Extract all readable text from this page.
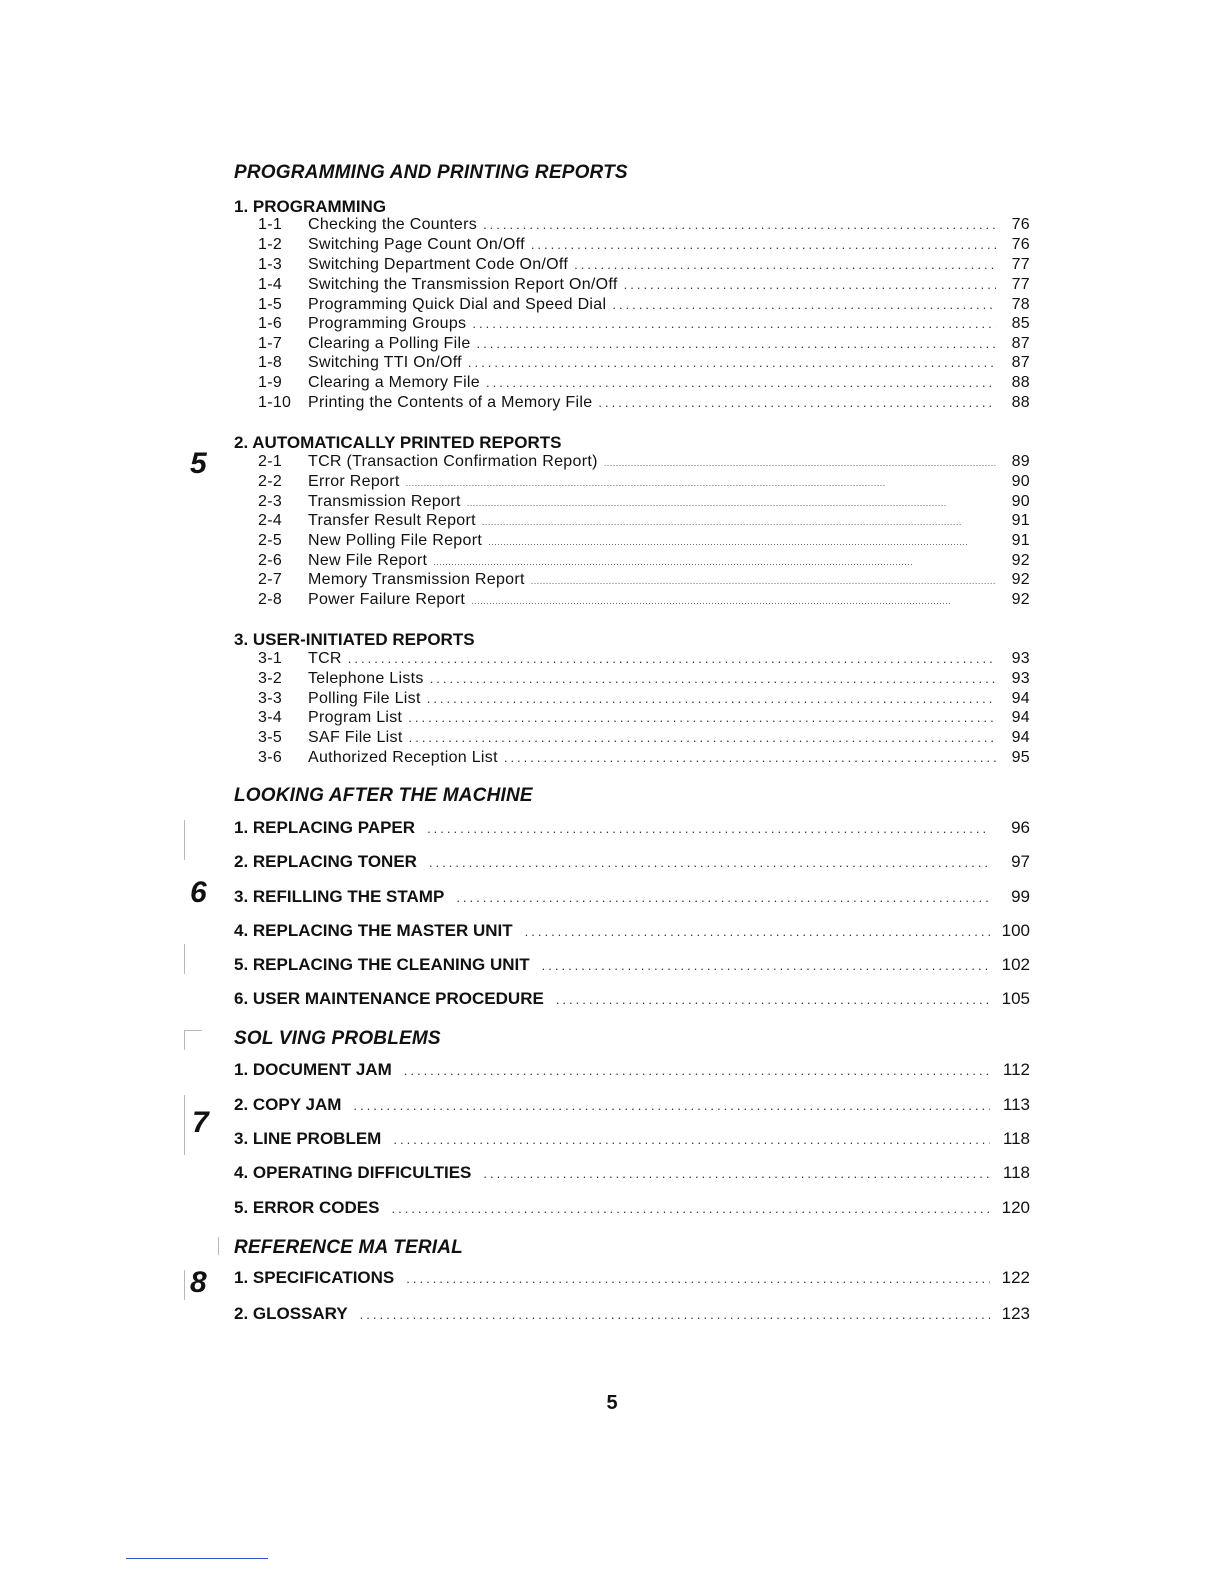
PROGRAMMING AND PRINTING REPORTS
5
1. PROGRAMMING
1-1	Checking the Counters .....	76
1-2	Switching Page Count On/Off .....	76
1-3	Switching Department Code On/Off .....	77
1-4	Switching the Transmission Report On/Off .....	77
1-5	Programming Quick Dial and Speed Dial .....	78
1-6	Programming Groups .....	85
1-7	Clearing a Polling File .....	87
1-8	Switching TTI On/Off .....	87
1-9	Clearing a Memory File .....	88
1-10	Printing the Contents of a Memory File .....	88
2. AUTOMATICALLY PRINTED REPORTS
2-1	TCR (Transaction Confirmation Report) .....	89
2-2	Error Report .....	90
2-3	Transmission Report .....	90
2-4	Transfer Result Report .....	91
2-5	New Polling File Report .....	91
2-6	New File Report .....	92
2-7	Memory Transmission Report .....	92
2-8	Power Failure Report .....	92
3. USER-INITIATED REPORTS
3-1	TCR .....	93
3-2	Telephone Lists .....	93
3-3	Polling File List .....	94
3-4	Program List .....	94
3-5	SAF File List .....	94
3-6	Authorized Reception List .....	95
LOOKING AFTER THE MACHINE
6
1. REPLACING PAPER .....	96
2. REPLACING TONER .....	97
3. REFILLING THE STAMP .....	99
4. REPLACING THE MASTER UNIT .....	100
5. REPLACING THE CLEANING UNIT .....	102
6. USER MAINTENANCE PROCEDURE .....	105
SOL VING PROBLEMS
7
1. DOCUMENT JAM .....	112
2. COPY JAM .....	113
3. LINE PROBLEM .....	118
4. OPERATING DIFFICULTIES .....	118
5. ERROR CODES .....	120
REFERENCE MA TERIAL
8 1. SPECIFICATIONS .....	122
2. GLOSSARY .....	123
5
